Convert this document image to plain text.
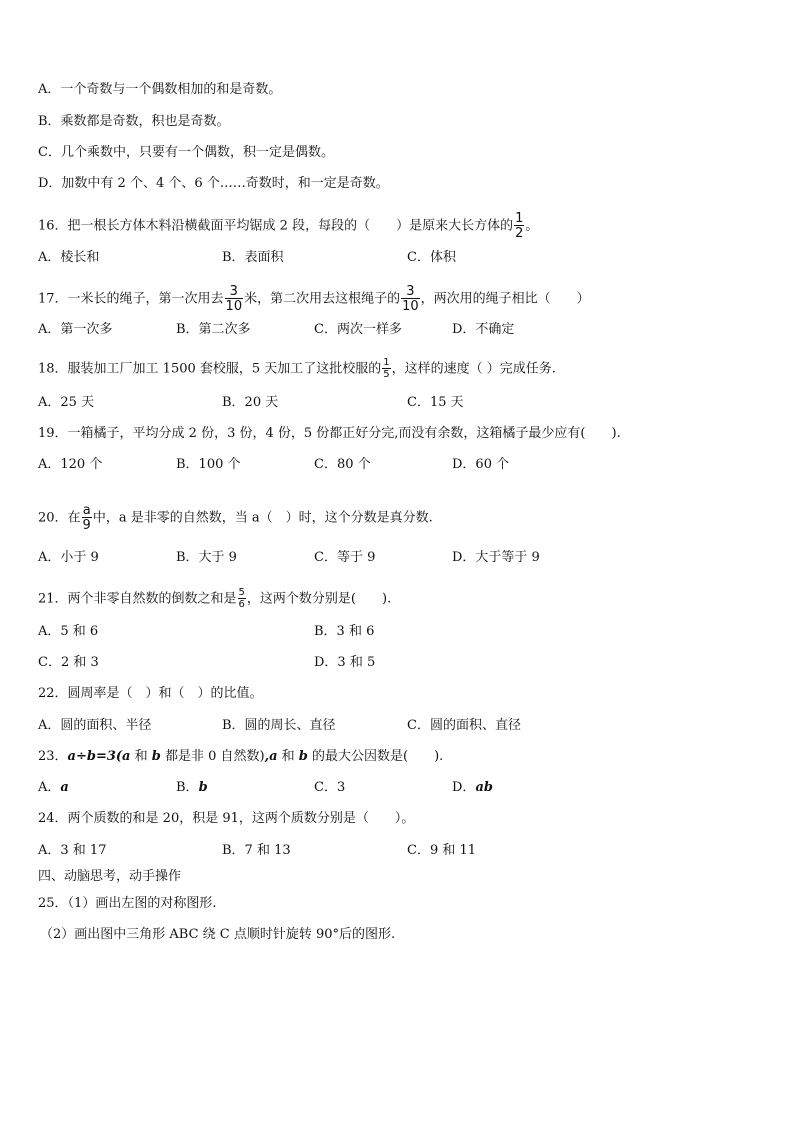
A．一个奇数与一个偶数相加的和是奇数。
B．乘数都是奇数，积也是奇数。
C．几个乘数中，只要有一个偶数，积一定是偶数。
D．加数中有 2 个、4 个、6 个……奇数时，和一定是奇数。
16．把一根长方体木料沿横截面平均锯成 2 段，每段的（　　）是原来大长方体的 $\frac{1}{2}$ 。
A．棱长和	B．表面积	C．体积
17．一米长的绳子，第一次用去 $\frac{3}{10}$ 米，第二次用去这根绳子的 $\frac{3}{10}$ ，两次用的绳子相比（　　）
A．第一次多	B．第二次多	C．两次一样多	D．不确定
18．服装加工厂加工 1500 套校服，5 天加工了这批校服的 $\frac{1}{5}$ ，这样的速度（ ）完成任务.
A．25 天	B．20 天	C．15 天
19．一箱橘子，平均分成 2 份，3 份，4 份，5 份都正好分完,而没有余数，这箱橘子最少应有(　　).
A．120 个	B．100 个	C．80 个	D．60 个
20．在 $\frac{a}{9}$ 中，a 是非零的自然数，当 a（　）时，这个分数是真分数.
A．小于 9	B．大于 9	C．等于 9	D．大于等于 9
21．两个非零自然数的倒数之和是 $\frac{5}{6}$ ，这两个数分别是(　　).
A．5 和 6	B．3 和 6
C．2 和 3	D．3 和 5
22．圆周率是（　）和（　）的比值。
A．圆的面积、半径	B．圆的周长、直径	C．圆的面积、直径
23．a÷b=3(a 和 b 都是非 0 自然数),a 和 b 的最大公因数是(　　).
A．a	B．b	C．3	D．ab
24．两个质数的和是 20，积是 91，这两个质数分别是（　　）。
A．3 和 17	B．7 和 13	C．9 和 11
四、动脑思考，动手操作
25．（1）画出左图的对称图形.
（2）画出图中三角形 ABC 绕 C 点顺时针旋转 90°后的图形.
